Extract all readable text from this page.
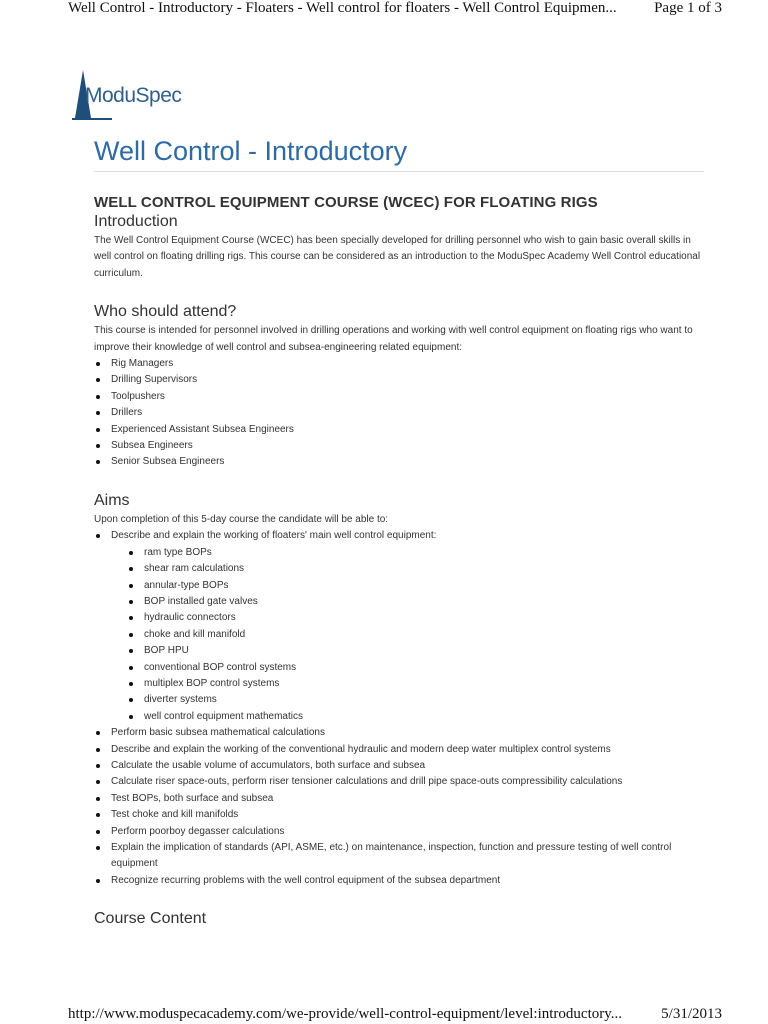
Well Control - Introductory - Floaters - Well control for floaters - Well Control Equipmen... Page 1 of 3
ModuSpec
Well Control - Introductory
WELL CONTROL EQUIPMENT COURSE (WCEC) FOR FLOATING RIGS
Introduction

The Well Control Equipment Course (WCEC) has been specially developed for drilling personnel who wish to gain basic overall skills in well control on floating drilling rigs. This course can be considered as an introduction to the ModuSpec Academy Well Control educational curriculum.

Who should attend?

This course is intended for personnel involved in drilling operations and working with well control equipment on floating rigs who want to improve their knowledge of well control and subsea-engineering related equipment:

Rig Managers
Drilling Supervisors
Toolpushers
Drillers
Experienced Assistant Subsea Engineers
Subsea Engineers
Senior Subsea Engineers
Aims

Upon completion of this 5-day course the candidate will be able to:

Describe and explain the working of floaters' main well control equipment:
ram type BOPs
shear ram calculations
annular-type BOPs
BOP installed gate valves
hydraulic connectors
choke and kill manifold
BOP HPU
conventional BOP control systems
multiplex BOP control systems
diverter systems
well control equipment mathematics
Perform basic subsea mathematical calculations
Describe and explain the working of the conventional hydraulic and modern deep water multiplex control systems
Calculate the usable volume of accumulators, both surface and subsea
Calculate riser space-outs, perform riser tensioner calculations and drill pipe space-outs compressibility calculations
Test BOPs, both surface and subsea
Test choke and kill manifolds
Perform poorboy degasser calculations
Explain the implication of standards (API, ASME, etc.) on maintenance, inspection, function and pressure testing of well control equipment
Recognize recurring problems with the well control equipment of the subsea department
Course Content
http://www.moduspecacademy.com/we-provide/well-control-equipment/level:introductory...	5/31/2013
